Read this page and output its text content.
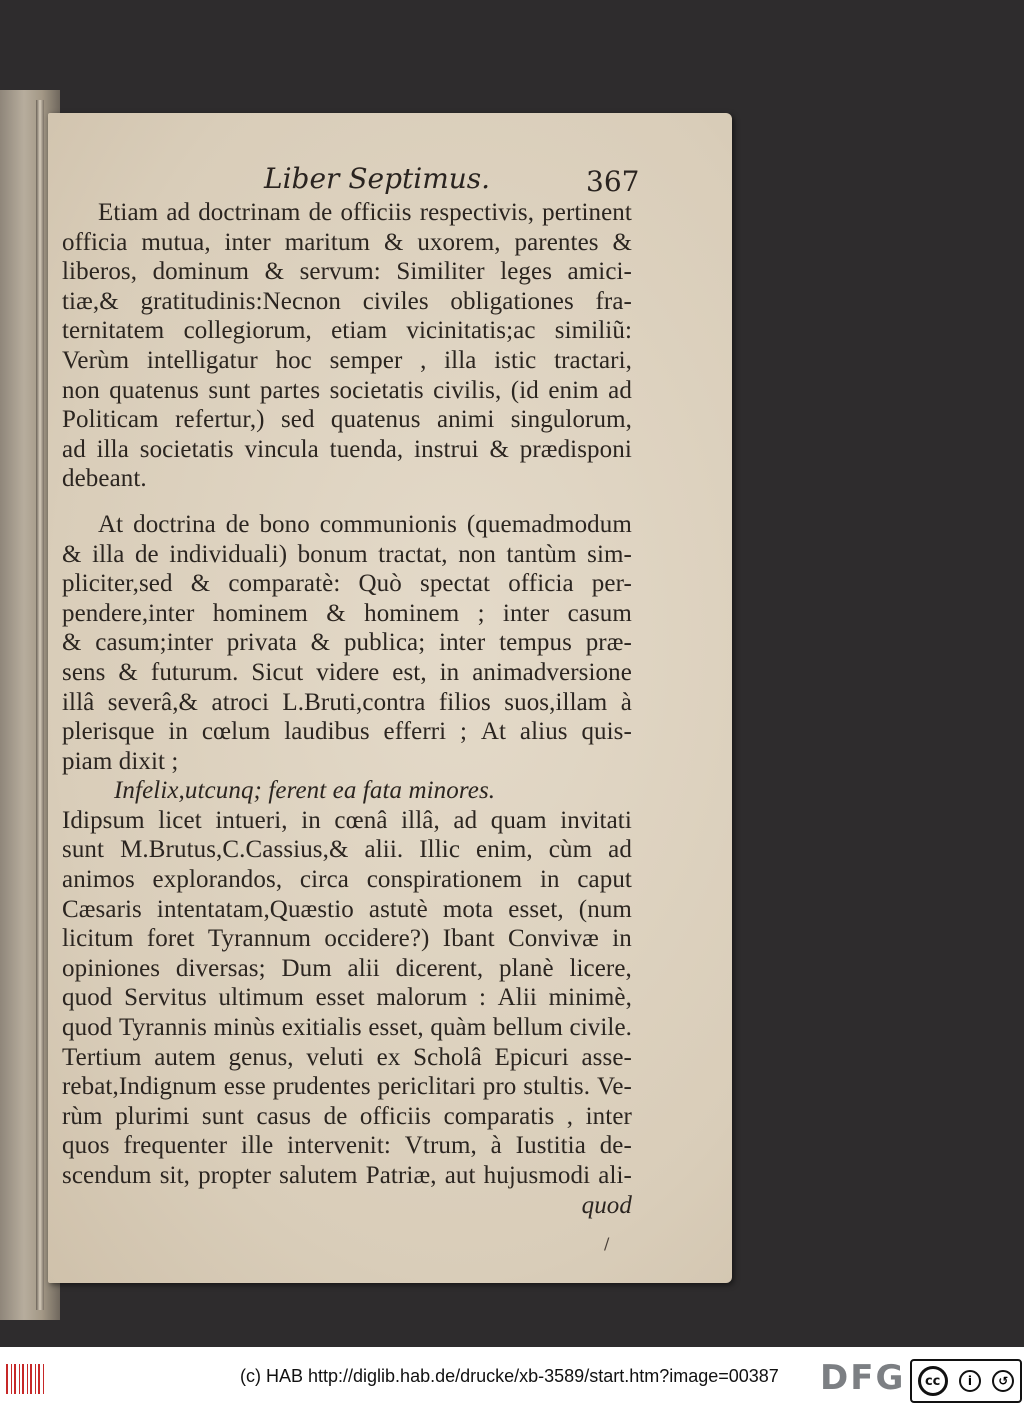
Liber Septimus.	367
Etiam ad doctrinam de officiis respectivis, pertinent
officia mutua, inter maritum & uxorem, parentes &
liberos, dominum & servum: Similiter leges amici-
tiæ,& gratitudinis:Necnon civiles obligationes fra-
ternitatem collegiorum, etiam vicinitatis;ac similiũ:
Verùm intelligatur hoc semper , illa istic tractari,
non quatenus sunt partes societatis civilis, (id enim ad
Politicam refertur,) sed quatenus animi singulorum,
ad illa societatis vincula tuenda, instrui & prædisponi
debeant.
At doctrina de bono communionis (quemadmodum
& illa de individuali) bonum tractat, non tantùm sim-
pliciter,sed & comparatè: Quò spectat officia per-
pendere,inter hominem & hominem ; inter casum
& casum;inter privata & publica; inter tempus præ-
sens & futurum. Sicut videre est, in animadversione
illâ severâ,& atroci L.Bruti,contra filios suos,illam à
plerisque in cœlum laudibus efferri ; At alius quis-
piam dixit ;
Infelix,utcunq; ferent ea fata minores.
Idipsum licet intueri, in cœnâ illâ, ad quam invitati
sunt M.Brutus,C.Cassius,& alii. Illic enim, cùm ad
animos explorandos, circa conspirationem in caput
Cæsaris intentatam,Quæstio astutè mota esset, (num
licitum foret Tyrannum occidere?) Ibant Convivæ in
opiniones diversas; Dum alii dicerent, planè licere,
quod Servitus ultimum esset malorum : Alii minimè,
quod Tyrannis minùs exitialis esset, quàm bellum civile.
Tertium autem genus, veluti ex Scholâ Epicuri asse-
rebat,Indignum esse prudentes periclitari pro stultis. Ve-
rùm plurimi sunt casus de officiis comparatis , inter
quos frequenter ille intervenit: Vtrum, à Iustitia de-
scendum sit, propter salutem Patriæ, aut hujusmodi ali-
quod
/
(c) HAB http://diglib.hab.de/drucke/xb-3589/start.htm?image=00387 DFG	cc	i	↺
